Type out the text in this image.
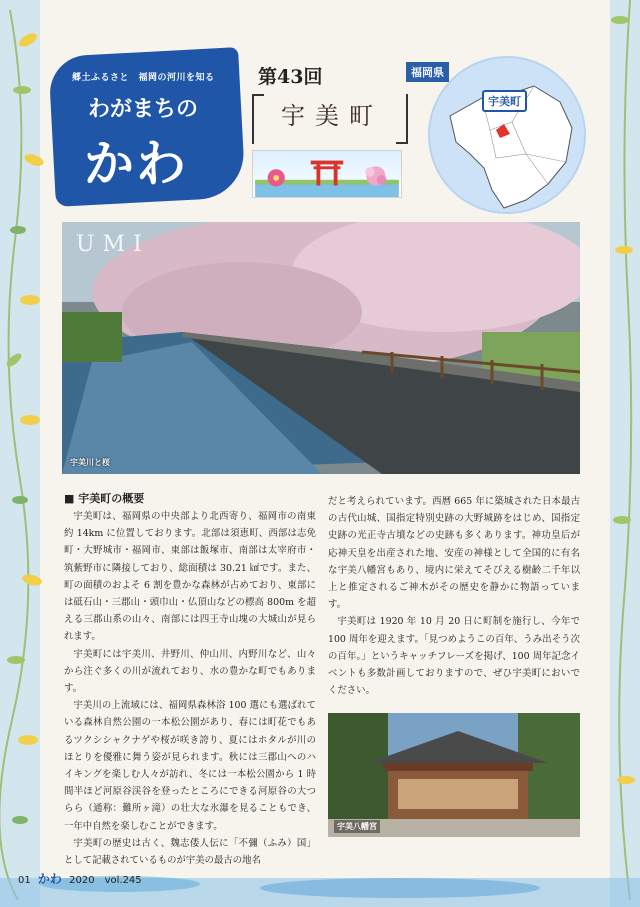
郷土ふるさと　福岡の河川を知る
わがまちの
かわ
第43回
宇美町
福岡県
宇美町
UMI
宇美川と桜
■ 宇美町の概要

宇美町は、福岡県の中央部より北西寄り、福岡市の南東約 14km に位置しております。北部は須恵町、西部は志免町・大野城市・福岡市、東部は飯塚市、南部は太宰府市・筑紫野市に隣接しており、総面積は 30.21 ㎢です。また、町の面積のおよそ 6 割を豊かな森林が占めており、東部には砥石山・三郡山・頭巾山・仏頂山などの標高 800m を超える三郡山系の山々、南部には四王寺山塊の大城山が見られます。

宇美町には宇美川、井野川、仲山川、内野川など、山々から注ぐ多くの川が流れており、水の豊かな町でもあります。

宇美川の上流域には、福岡県森林浴 100 選にも選ばれている森林自然公園の一本松公園があり、春には町花でもあるツクシシャクナゲや桜が咲き誇り、夏にはホタルが川のほとりを優雅に舞う姿が見られます。秋には三郡山へのハイキングを楽しむ人々が訪れ、冬には一本松公園から 1 時間半ほど河原谷渓谷を登ったところにできる河原谷の大つらら（通称：難所ヶ滝）の壮大な氷瀑を見ることもでき、一年中自然を楽しむことができます。

宇美町の歴史は古く、魏志倭人伝に「不彌（ふみ）国」として記載されているものが宇美の最古の地名

だと考えられています。西暦 665 年に築城された日本最古の古代山城、国指定特別史跡の大野城跡をはじめ、国指定史跡の光正寺古墳などの史跡も多くあります。神功皇后が応神天皇を出産された地、安産の神様として全国的に有名な宇美八幡宮もあり、境内に栄えてそびえる樹齢二千年以上と推定されるご神木がその歴史を静かに物語っています。

宇美町は 1920 年 10 月 20 日に町制を施行し、今年で 100 周年を迎えます。「見つめようこの百年、うみ出そう次の百年。」というキャッチフレーズを掲げ、100 周年記念イベントも多数計画しておりますので、ぜひ宇美町においでください。

宇美八幡宮
01 かわ 2020　vol.245
